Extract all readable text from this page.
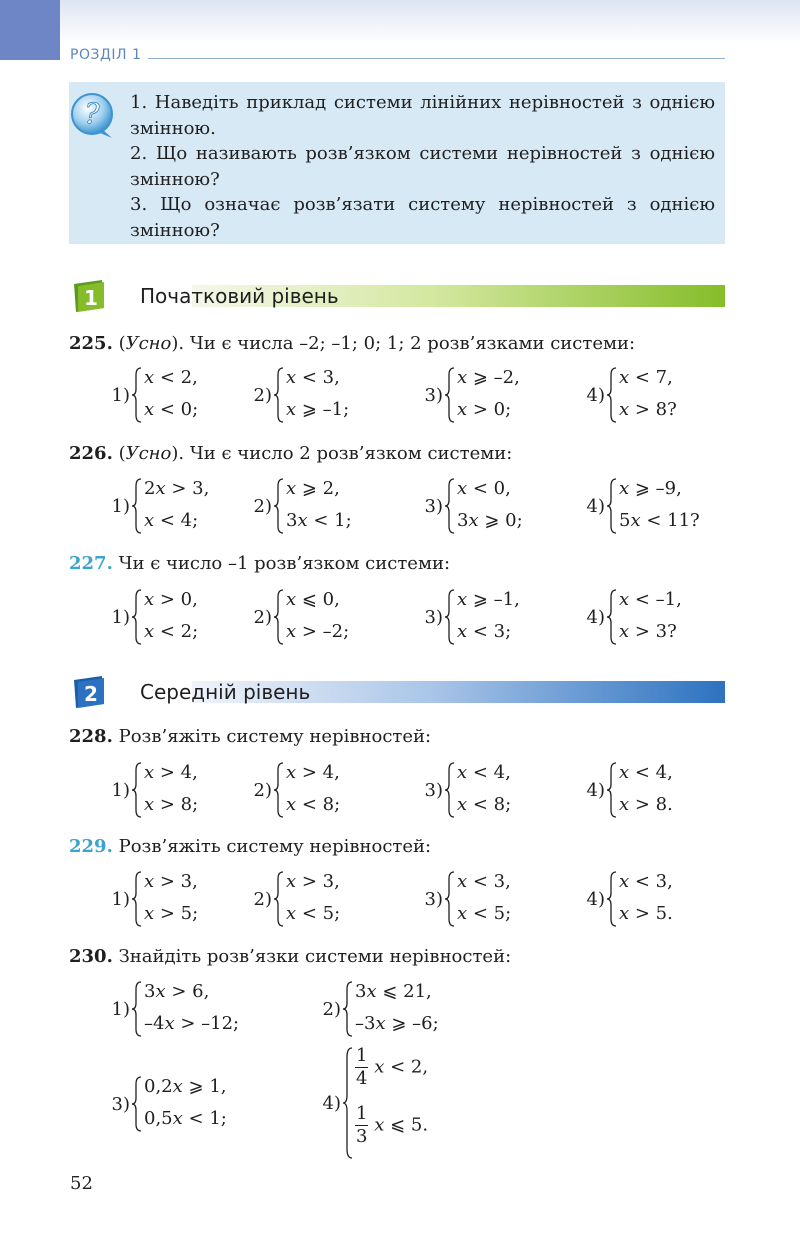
РОЗДІЛ 1
? 1. Наведіть приклад системи лінійних нерівностей з однією змінною.

2. Що називають розв’язком системи нерівностей з однією змінною?

3. Що означає розв’язати систему нерівностей з однією змінною?

1 Початковий рівень
225. (Усно). Чи є числа –2; –1; 0; 1; 2 розв’язками системи:
1)
x < 2,
x < 0;
2)
x < 3,
x ⩾ –1;
3)
x ⩾ –2,
x > 0;
4)
x < 7,
x > 8?
226. (Усно). Чи є число 2 розв’язком системи:
1)
2x > 3,
x < 4;
2)
x ⩾ 2,
3x < 1;
3)
x < 0,
3x ⩾ 0;
4)
x ⩾ –9,
5x < 11?
227. Чи є число –1 розв’язком системи:
1)
x > 0,
x < 2;
2)
x ⩽ 0,
x > –2;
3)
x ⩾ –1,
x < 3;
4)
x < –1,
x > 3?
2 Середній рівень
228. Розв’яжіть систему нерівностей:
1)
x > 4,
x > 8;
2)
x > 4,
x < 8;
3)
x < 4,
x < 8;
4)
x < 4,
x > 8.
229. Розв’яжіть систему нерівностей:
1)
x > 3,
x > 5;
2)
x > 3,
x < 5;
3)
x < 3,
x < 5;
4)
x < 3,
x > 5.
230. Знайдіть розв’язки системи нерівностей:
1)
3x > 6,
–4x > –12;
2)
3x ⩽ 21,
–3x ⩾ –6;
3)
0,2x ⩾ 1,
0,5x < 1;
4)
$\frac{1}{4}$ x < 2,
$\frac{1}{3}$ x ⩽ 5.
52
